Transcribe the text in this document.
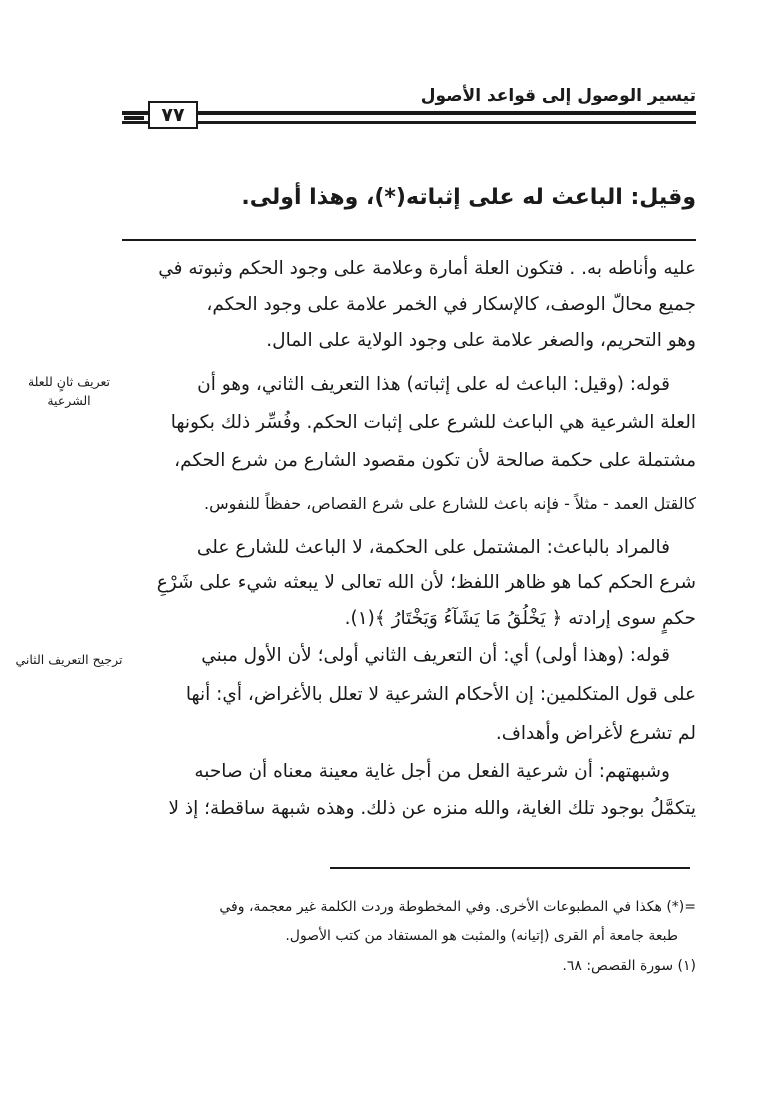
تيسير الوصول إلى قواعد الأصول
٧٧
وقيل: الباعث له على إثباته(*)، وهذا أولى.
عليه وأناطه به. . فتكون العلة أمارة وعلامة على وجود الحكم وثبوته في
جميع محالّ الوصف، كالإسكار في الخمر علامة على وجود الحكم،
وهو التحريم، والصغر علامة على وجود الولاية على المال.
قوله: (وقيل: الباعث له على إثباته) هذا التعريف الثاني، وهو أن
العلة الشرعية هي الباعث للشرع على إثبات الحكم. وفُسِّر ذلك بكونها
مشتملة على حكمة صالحة لأن تكون مقصود الشارع من شرع الحكم،
كالقتل العمد - مثلاً - فإنه باعث للشارع على شرع القصاص، حفظاً للنفوس.
فالمراد بالباعث: المشتمل على الحكمة، لا الباعث للشارع على
شرع الحكم كما هو ظاهر اللفظ؛ لأن الله تعالى لا يبعثه شيء على شَرْعِ
حكمٍ سوى إرادته ﴿ يَخْلُقُ مَا يَشَآءُ وَيَخْتَارُ ﴾(١).
قوله: (وهذا أولى) أي: أن التعريف الثاني أولى؛ لأن الأول مبني
على قول المتكلمين: إن الأحكام الشرعية لا تعلل بالأغراض، أي: أنها
لم تشرع لأغراض وأهداف.
وشبهتهم: أن شرعية الفعل من أجل غاية معينة معناه أن صاحبه
يتكمَّلُ بوجود تلك الغاية، والله منزه عن ذلك. وهذه شبهة ساقطة؛ إذ لا
تعريف ثانٍ للعلة الشرعية
ترجيح التعريف الثاني
=(*) هكذا في المطبوعات الأخرى. وفي المخطوطة وردت الكلمة غير معجمة، وفي
طبعة جامعة أم القرى (إتيانه) والمثبت هو المستفاد من كتب الأصول.
(١) سورة القصص: ٦٨.
